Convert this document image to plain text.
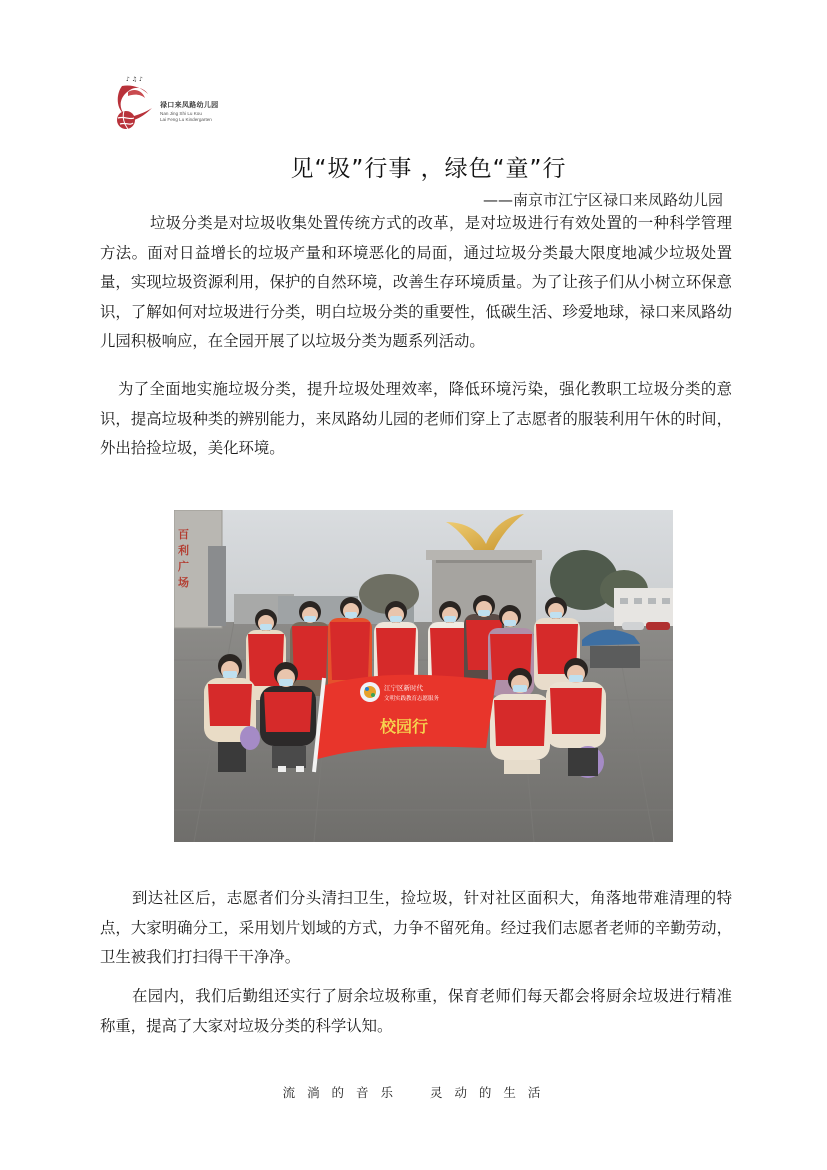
♪ ♫ ♪
禄口来凤路幼儿园
Nan Jing Shi Lu Kou
Lai Feng Lu Kindergarten
见“圾”行事 ，绿色“童”行
——南京市江宁区禄口来凤路幼儿园
垃圾分类是对垃圾收集处置传统方式的改革，是对垃圾进行有效处置的一种科学管理方法。面对日益增长的垃圾产量和环境恶化的局面，通过垃圾分类最大限度地减少垃圾处置量，实现垃圾资源利用，保护的自然环境，改善生存环境质量。为了让孩子们从小树立环保意识，了解如何对垃圾进行分类，明白垃圾分类的重要性，低碳生活、珍爱地球，禄口来凤路幼儿园积极响应，在全园开展了以垃圾分类为题系列活动。
为了全面地实施垃圾分类，提升垃圾处理效率，降低环境污染，强化教职工垃圾分类的意识，提高垃圾种类的辨别能力，来凤路幼儿园的老师们穿上了志愿者的服装利用午休的时间，外出拾捡垃圾，美化环境。
百
利
广
场
江宁区新时代
文明实践教育志愿服务
校园行
到达社区后，志愿者们分头清扫卫生，捡垃圾，针对社区面积大，角落地带难清理的特点，大家明确分工，采用划片划域的方式，力争不留死角。经过我们志愿者老师的辛勤劳动，卫生被我们打扫得干干净净。
在园内，我们后勤组还实行了厨余垃圾称重，保育老师们每天都会将厨余垃圾进行精准称重，提高了大家对垃圾分类的科学认知。
流 淌 的 音 乐　　灵 动 的 生 活
